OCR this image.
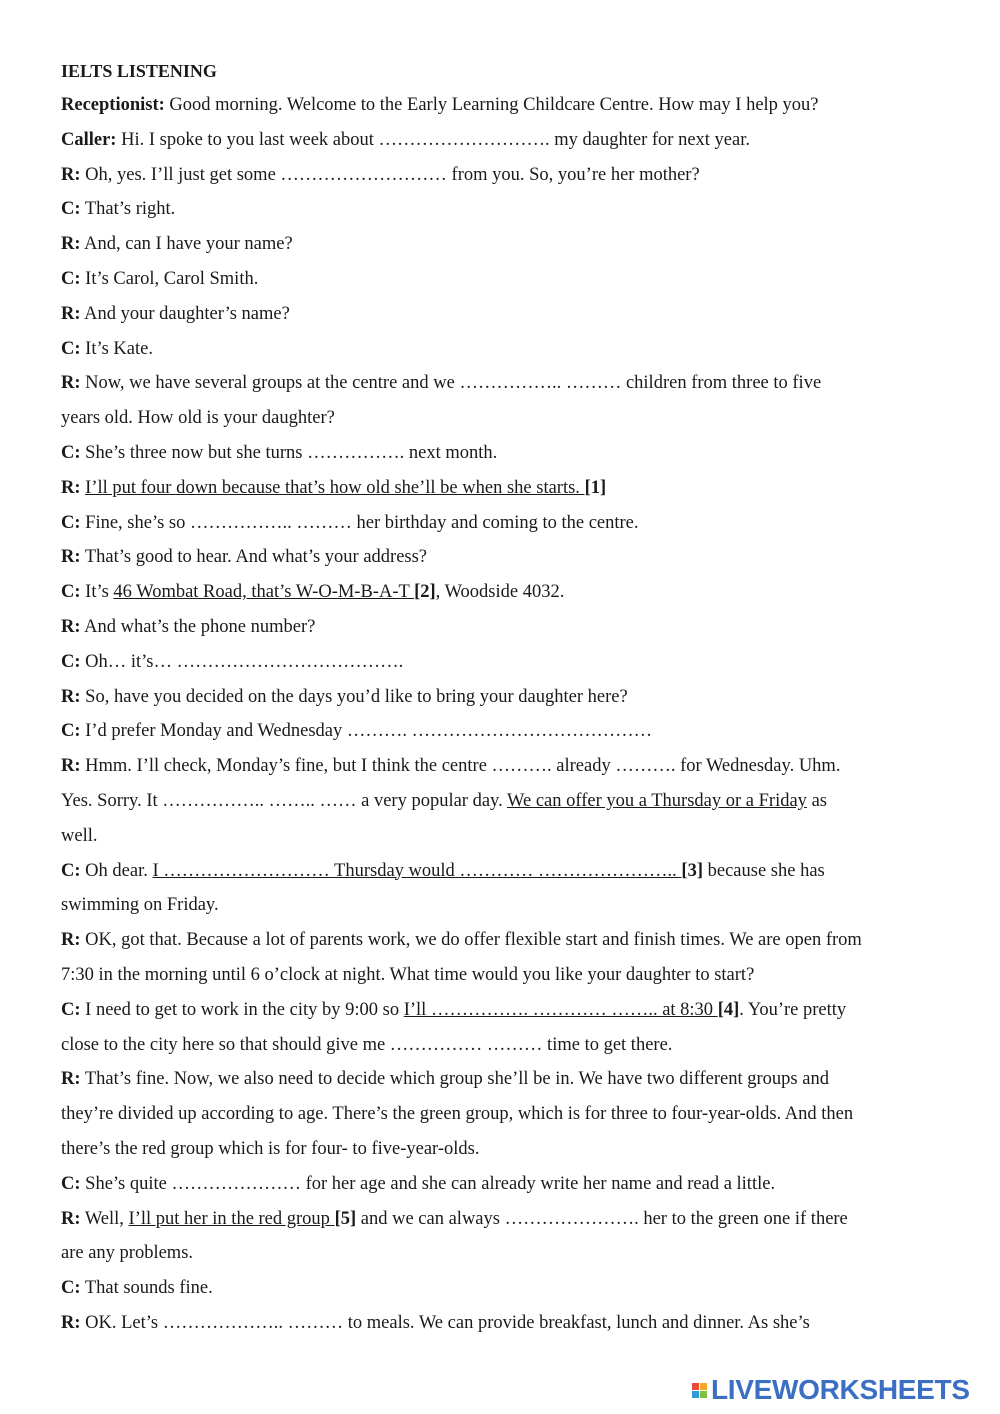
IELTS LISTENING
Receptionist: Good morning. Welcome to the Early Learning Childcare Centre. How may I help you?
Caller: Hi. I spoke to you last week about ………………………. my daughter for next year.
R: Oh, yes. I’ll just get some ……………………… from you. So, you’re her mother?
C: That’s right.
R: And, can I have your name?
C: It’s Carol, Carol Smith.
R: And your daughter’s name?
C: It’s Kate.
R: Now, we have several groups at the centre and we …………….. ……… children from three to five
years old. How old is your daughter?
C: She’s three now but she turns ……………. next month.
R: I’ll put four down because that’s how old she’ll be when she starts. [1]
C: Fine, she’s so …………….. ……… her birthday and coming to the centre.
R: That’s good to hear. And what’s your address?
C: It’s 46 Wombat Road, that’s W-O-M-B-A-T [2], Woodside 4032.
R: And what’s the phone number?
C: Oh… it’s… ……………………………….
R: So, have you decided on the days you’d like to bring your daughter here?
C: I’d prefer Monday and Wednesday ………. …………………………………
R: Hmm. I’ll check, Monday’s fine, but I think the centre ………. already ………. for Wednesday. Uhm.
Yes. Sorry. It …………….. …….. …… a very popular day. We can offer you a Thursday or a Friday as
well.
C: Oh dear. I ……………………… Thursday would ………… ………………….. [3] because she has
swimming on Friday.
R: OK, got that. Because a lot of parents work, we do offer flexible start and finish times. We are open from
7:30 in the morning until 6 o’clock at night. What time would you like your daughter to start?
C: I need to get to work in the city by 9:00 so I’ll ……………. ………… …….. at 8:30 [4]. You’re pretty
close to the city here so that should give me …………… ……… time to get there.
R: That’s fine. Now, we also need to decide which group she’ll be in. We have two different groups and
they’re divided up according to age. There’s the green group, which is for three to four-year-olds. And then
there’s the red group which is for four- to five-year-olds.
C: She’s quite ………………… for her age and she can already write her name and read a little.
R: Well, I’ll put her in the red group [5] and we can always …………………. her to the green one if there
are any problems.
C: That sounds fine.
R: OK. Let’s ……………….. ……… to meals. We can provide breakfast, lunch and dinner. As she’s
LIVEWORKSHEETS
